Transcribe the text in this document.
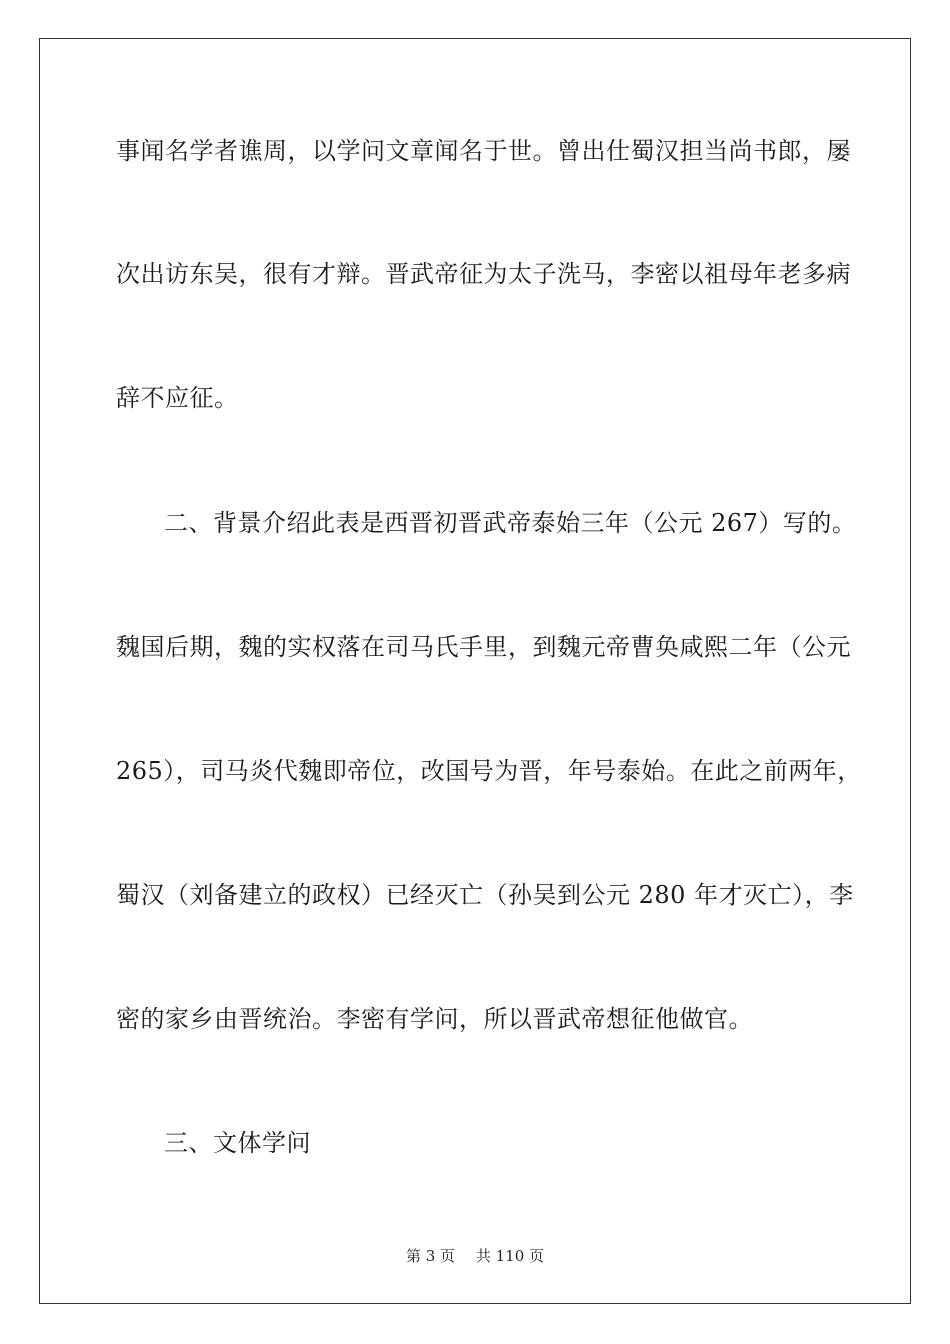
事闻名学者谯周，以学问文章闻名于世。曾出仕蜀汉担当尚书郎，屡
次出访东吴，很有才辩。晋武帝征为太子洗马，李密以祖母年老多病
辞不应征。
二、背景介绍此表是西晋初晋武帝泰始三年（公元 267）写的。
魏国后期，魏的实权落在司马氏手里，到魏元帝曹奂咸熙二年（公元
265），司马炎代魏即帝位，改国号为晋，年号泰始。在此之前两年，
蜀汉（刘备建立的政权）已经灭亡（孙吴到公元 280 年才灭亡），李
密的家乡由晋统治。李密有学问，所以晋武帝想征他做官。
三、文体学问
第 3 页 共 110 页
